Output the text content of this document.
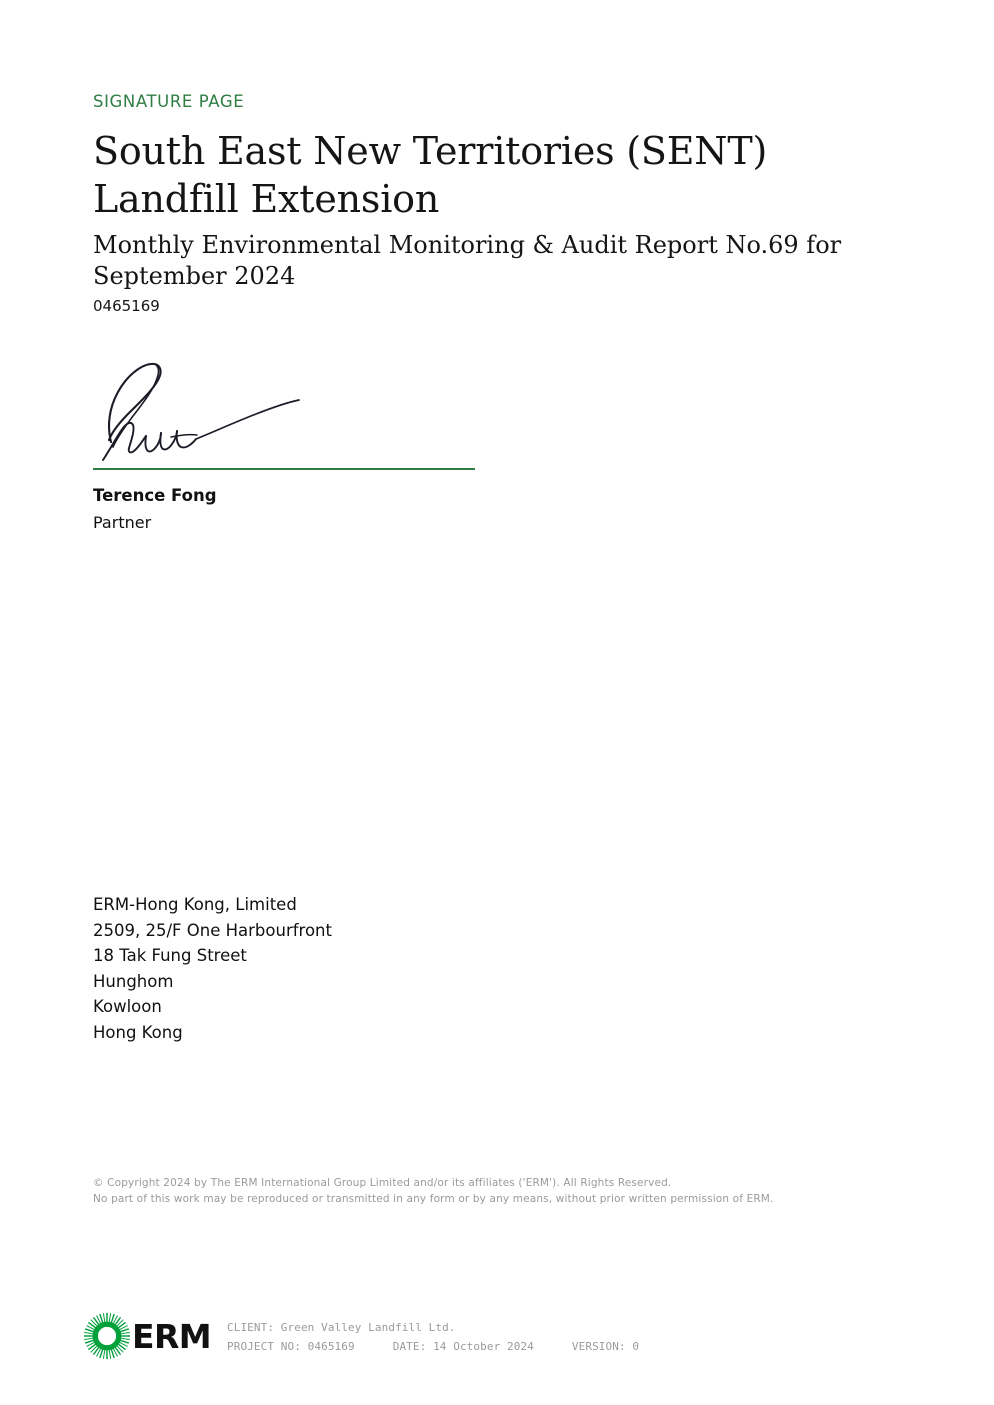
SIGNATURE PAGE
South East New Territories (SENT) Landfill Extension
Monthly Environmental Monitoring & Audit Report No.69 for September 2024
0465169
Terence Fong
Partner
ERM-Hong Kong, Limited
2509, 25/F One Harbourfront
18 Tak Fung Street
Hunghom
Kowloon
Hong Kong
© Copyright 2024 by The ERM International Group Limited and/or its affiliates ('ERM'). All Rights Reserved.
No part of this work may be reproduced or transmitted in any form or by any means, without prior written permission of ERM.
ERM CLIENT: Green Valley Landfill Ltd.
PROJECT NO: 0465169	DATE: 14 October 2024	VERSION: 0
